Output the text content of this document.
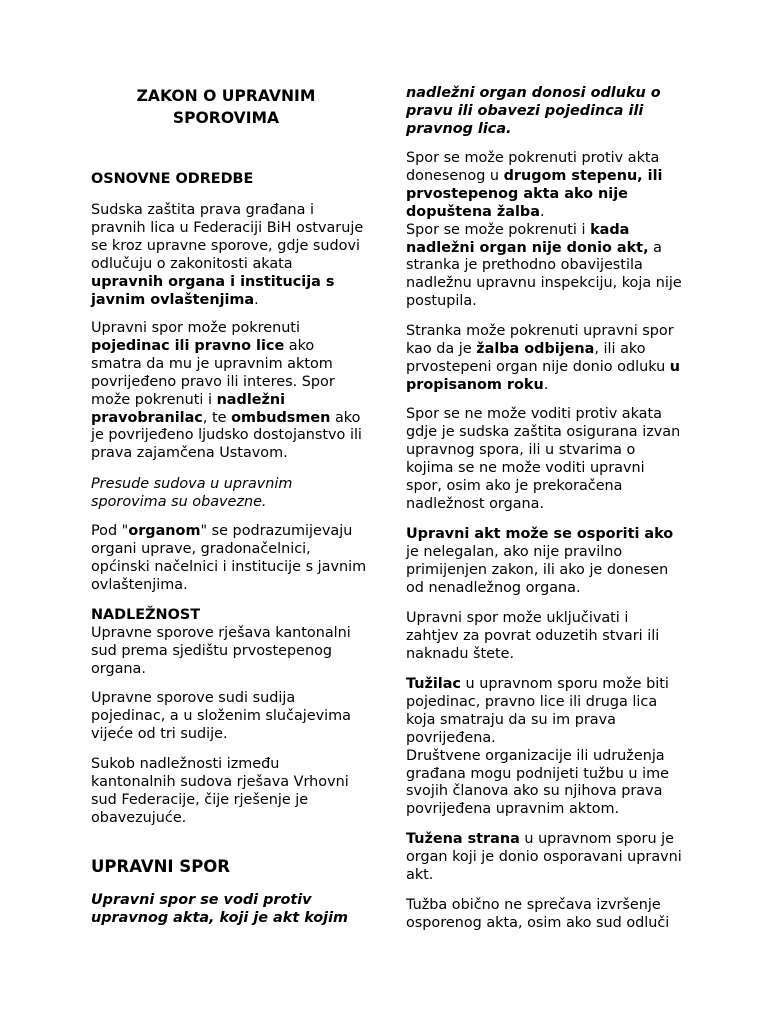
ZAKON O UPRAVNIM SPOROVIMA

OSNOVNE ODREDBE

Sudska zaštita prava građana i pravnih lica u Federaciji BiH ostvaruje se kroz upravne sporove, gdje sudovi odlučuju o zakonitosti akata upravnih organa i institucija s javnim ovlaštenjima.

Upravni spor može pokrenuti pojedinac ili pravno lice ako smatra da mu je upravnim aktom povrijeđeno pravo ili interes. Spor može pokrenuti i nadležni pravobranilac, te ombudsmen ako je povrijeđeno ljudsko dostojanstvo ili prava zajamčena Ustavom.

Presude sudova u upravnim sporovima su obavezne.

Pod "organom" se podrazumijevaju organi uprave, gradonačelnici, općinski načelnici i institucije s javnim ovlaštenjima.

NADLEŽNOST

Upravne sporove rješava kantonalni sud prema sjedištu prvostepenog organa.

Upravne sporove sudi sudija pojedinac, a u složenim slučajevima vijeće od tri sudije.

Sukob nadležnosti između kantonalnih sudova rješava Vrhovni sud Federacije, čije rješenje je obavezujuće.

UPRAVNI SPOR

Upravni spor se vodi protiv upravnog akta, koji je akt kojim

nadležni organ donosi odluku o pravu ili obavezi pojedinca ili pravnog lica.

Spor se može pokrenuti protiv akta donesenog u drugom stepenu, ili prvostepenog akta ako nije dopuštena žalba.
Spor se može pokrenuti i kada nadležni organ nije donio akt, a stranka je prethodno obavijestila nadležnu upravnu inspekciju, koja nije postupila.

Stranka može pokrenuti upravni spor kao da je žalba odbijena, ili ako prvostepeni organ nije donio odluku u propisanom roku.

Spor se ne može voditi protiv akata gdje je sudska zaštita osigurana izvan upravnog spora, ili u stvarima o kojima se ne može voditi upravni spor, osim ako je prekoračena nadležnost organa.

Upravni akt može se osporiti ako je nelegalan, ako nije pravilno primijenjen zakon, ili ako je donesen od nenadležnog organa.

Upravni spor može uključivati i zahtjev za povrat oduzetih stvari ili naknadu štete.

Tužilac u upravnom sporu može biti pojedinac, pravno lice ili druga lica koja smatraju da su im prava povrijeđena.
Društvene organizacije ili udruženja građana mogu podnijeti tužbu u ime svojih članova ako su njihova prava povrijeđena upravnim aktom.

Tužena strana u upravnom sporu je organ koji je donio osporavani upravni akt.

Tužba obično ne sprečava izvršenje osporenog akta, osim ako sud odluči
